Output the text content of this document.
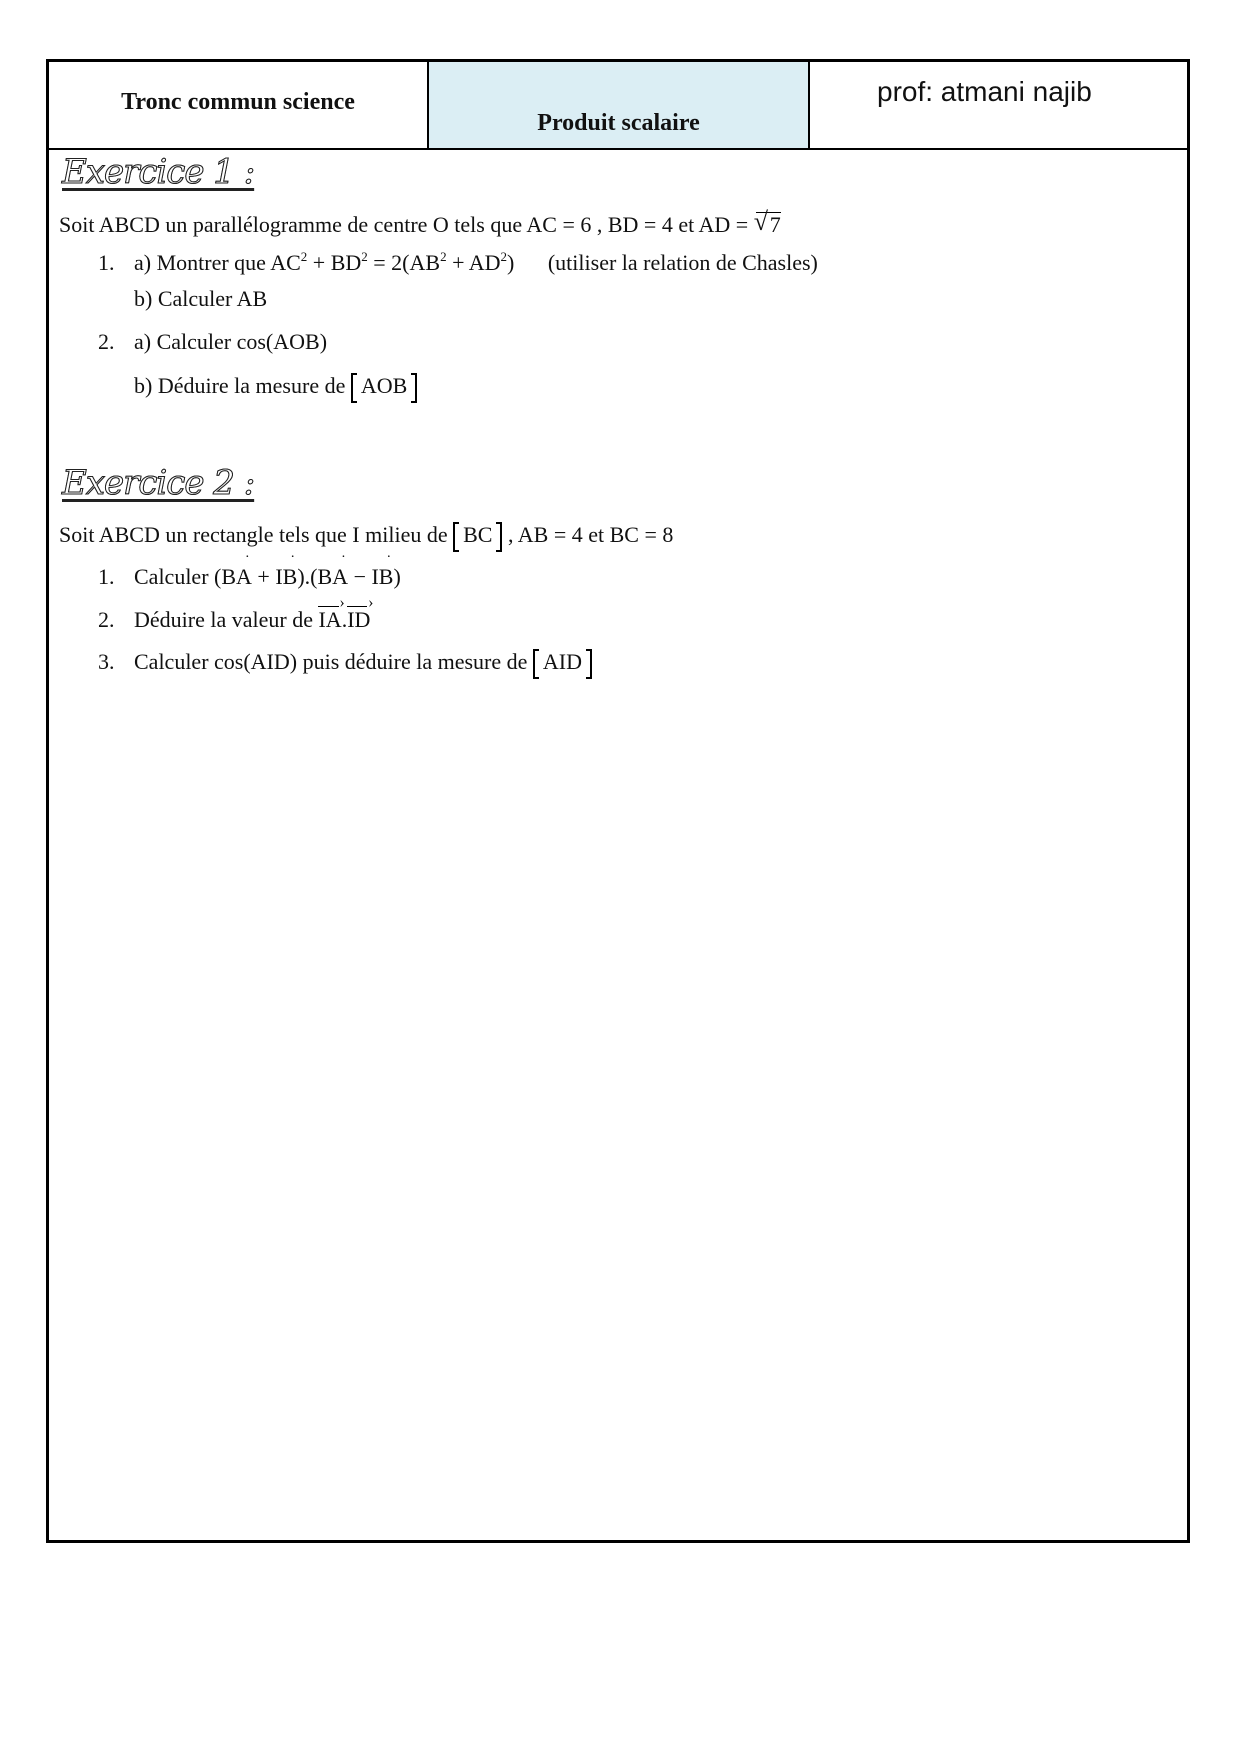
Tronc commun science
Produit scalaire
prof: atmani najib
Exercice 1 :
Soit ABCD un parallélogramme de centre O tels que AC = 6 , BD = 4 et AD = √ 7
1. a) Montrer que $AC^2 + BD^2 = 2(AB^2 + AD^2)$ (utiliser la relation de Chasles)
b) Calculer AB
2. a) Calculer cos(AOB)
b) Déduire la mesure de AOB
Exercice 2 :
Soit ABCD un rectangle tels que I milieu de BC , AB = 4 et BC = 8
1. Calculer (˙ BA + ˙ IB).(˙ BA − ˙ IB)
2. Déduire la valeur de IA ›.ID ›
3. Calculer cos(AID) puis déduire la mesure de AID
